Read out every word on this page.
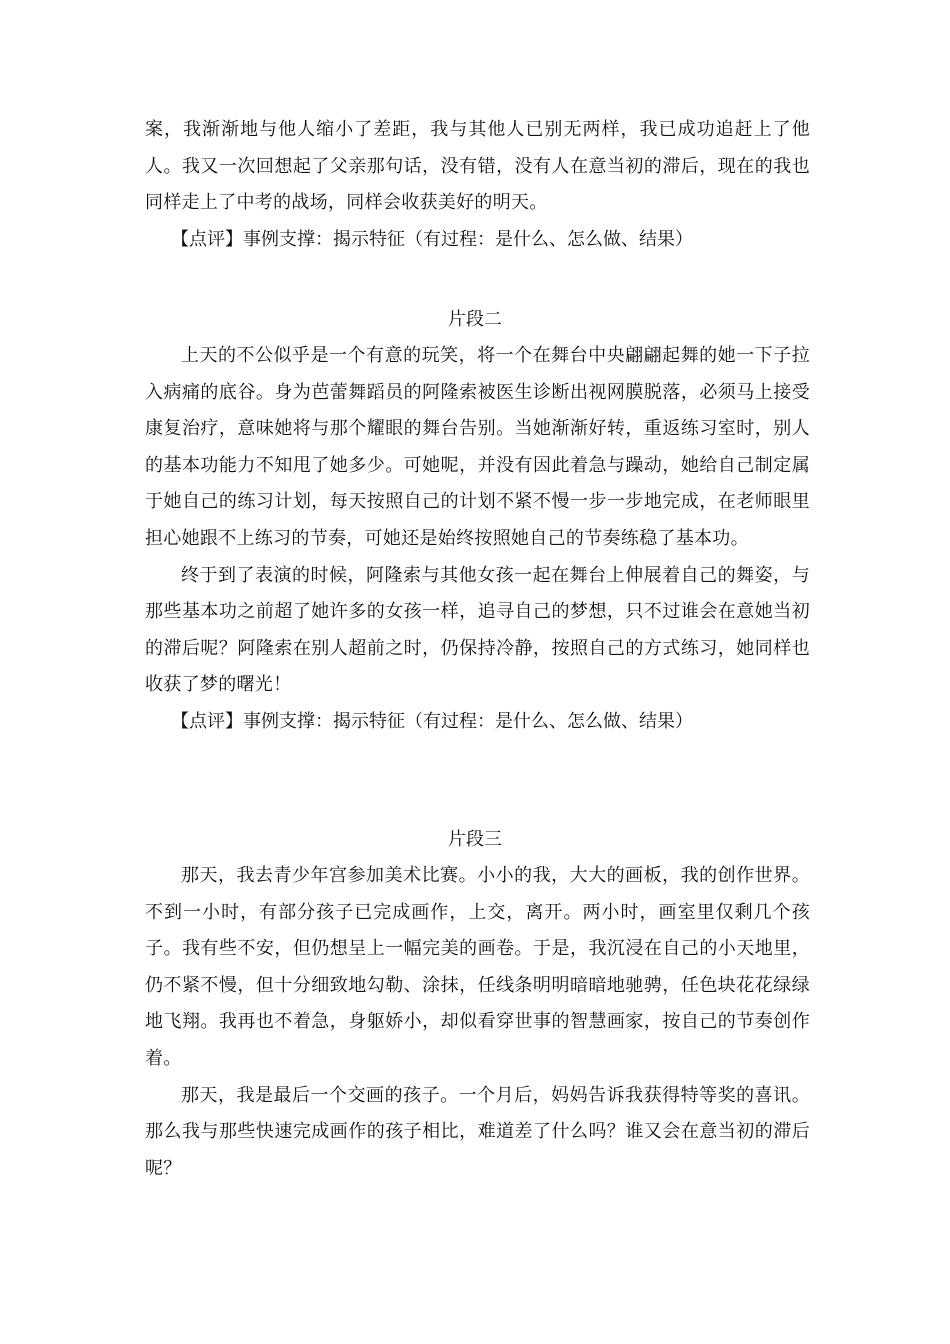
案，我渐渐地与他人缩小了差距，我与其他人已别无两样，我已成功追赶上了他人。我又一次回想起了父亲那句话，没有错，没有人在意当初的滞后，现在的我也同样走上了中考的战场，同样会收获美好的明天。

【点评】事例支撑：揭示特征（有过程：是什么、怎么做、结果）

片段二

上天的不公似乎是一个有意的玩笑，将一个在舞台中央翩翩起舞的她一下子拉入病痛的底谷。身为芭蕾舞蹈员的阿隆索被医生诊断出视网膜脱落，必须马上接受康复治疗，意味她将与那个耀眼的舞台告别。当她渐渐好转，重返练习室时，别人的基本功能力不知甩了她多少。可她呢，并没有因此着急与躁动，她给自己制定属于她自己的练习计划，每天按照自己的计划不紧不慢一步一步地完成，在老师眼里担心她跟不上练习的节奏，可她还是始终按照她自己的节奏练稳了基本功。

终于到了表演的时候，阿隆索与其他女孩一起在舞台上伸展着自己的舞姿，与那些基本功之前超了她许多的女孩一样，追寻自己的梦想，只不过谁会在意她当初的滞后呢？阿隆索在别人超前之时，仍保持冷静，按照自己的方式练习，她同样也收获了梦的曙光！

【点评】事例支撑：揭示特征（有过程：是什么、怎么做、结果）

片段三

那天，我去青少年宫参加美术比赛。小小的我，大大的画板，我的创作世界。不到一小时，有部分孩子已完成画作，上交，离开。两小时，画室里仅剩几个孩子。我有些不安，但仍想呈上一幅完美的画卷。于是，我沉浸在自己的小天地里，仍不紧不慢，但十分细致地勾勒、涂抹，任线条明明暗暗地驰骋，任色块花花绿绿地飞翔。我再也不着急，身躯娇小，却似看穿世事的智慧画家，按自己的节奏创作着。

那天，我是最后一个交画的孩子。一个月后，妈妈告诉我获得特等奖的喜讯。那么我与那些快速完成画作的孩子相比，难道差了什么吗？谁又会在意当初的滞后呢？
